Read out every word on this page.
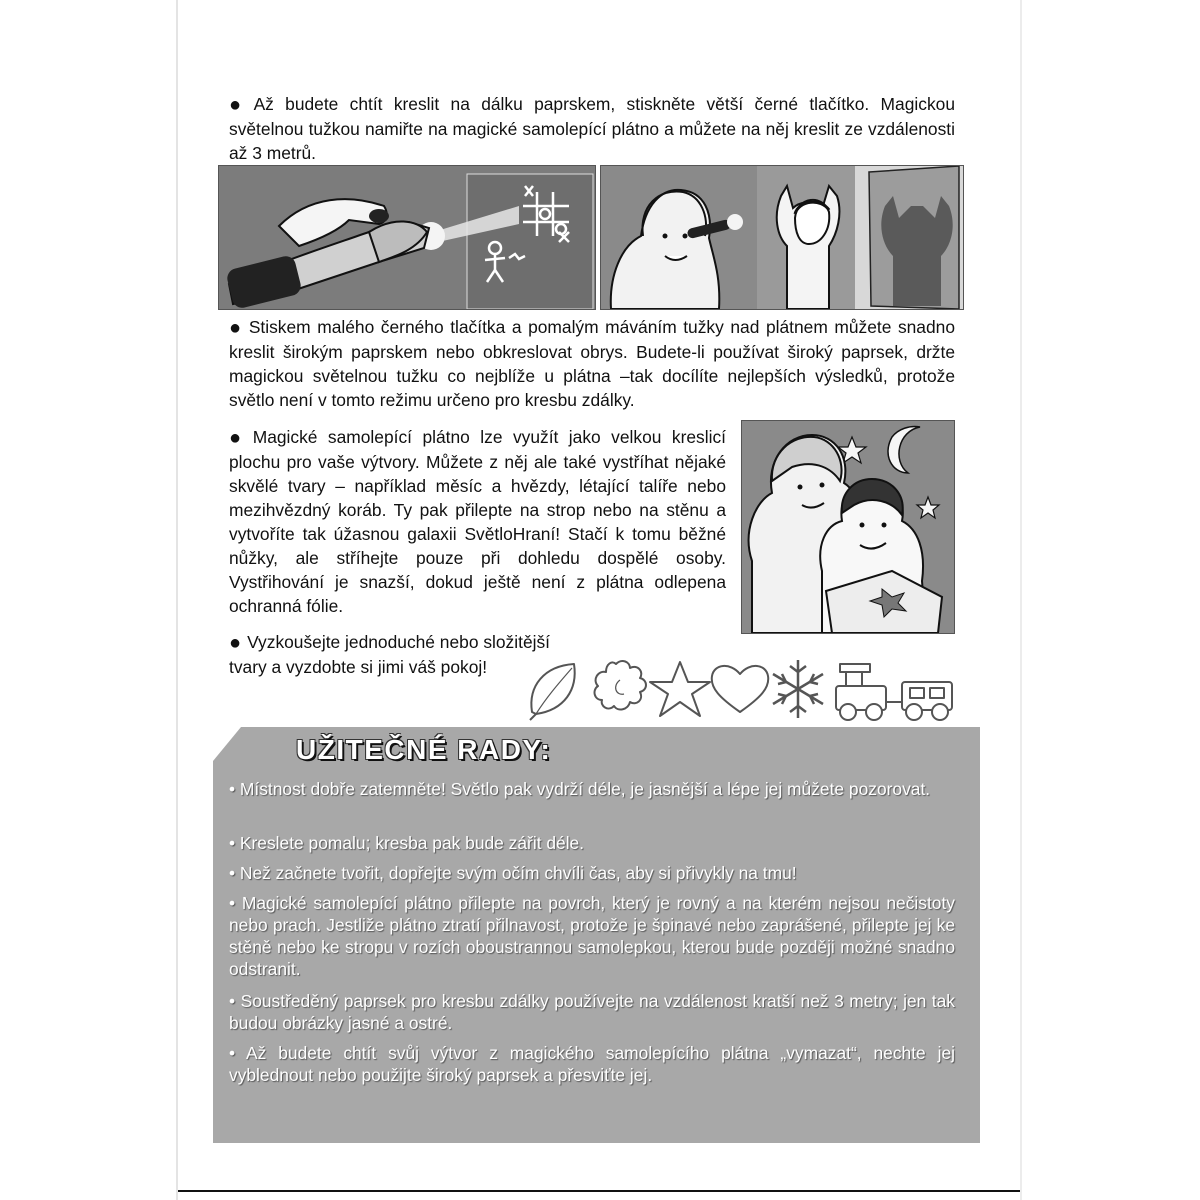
● Až budete chtít kreslit na dálku paprskem, stiskněte větší černé tlačítko. Magickou světelnou tužkou namiřte na magické samolepící plátno a můžete na něj kreslit ze vzdálenosti až 3 metrů.

● Stiskem malého černého tlačítka a pomalým máváním tužky nad plátnem můžete snadno kreslit širokým paprskem nebo obkreslovat obrys. Budete-li používat široký paprsek, držte magickou světelnou tužku co nejblíže u plátna –tak docílíte nejlepších výsledků, protože světlo není v tomto režimu určeno pro kresbu zdálky.

● Magické samolepící plátno lze využít jako velkou kreslicí plochu pro vaše výtvory. Můžete z něj ale také vystříhat nějaké skvělé tvary – například měsíc a hvězdy, létající talíře nebo mezihvězdný koráb. Ty pak přilepte na strop nebo na stěnu a vytvoříte tak úžasnou galaxii SvětloHraní! Stačí k tomu běžné nůžky, ale stříhejte pouze při dohledu dospělé osoby. Vystřihování je snazší, dokud ještě není z plátna odlepena ochranná fólie.

● Vyzkoušejte jednoduché nebo složitější
tvary a vyzdobte si jimi váš pokoj!

UŽITEČNÉ RADY:

• Místnost dobře zatemněte! Světlo pak vydrží déle, je jasnější a lépe jej můžete pozorovat.

• Kreslete pomalu; kresba pak bude zářit déle.

• Než začnete tvořit, dopřejte svým očím chvíli čas, aby si přivykly na tmu!

• Magické samolepící plátno přilepte na povrch, který je rovný a na kterém nejsou nečistoty nebo prach. Jestliže plátno ztratí přilnavost, protože je špinavé nebo zaprášené, přilepte jej ke stěně nebo ke stropu v rozích oboustrannou samolepkou, kterou bude později možné snadno odstranit.

• Soustředěný paprsek pro kresbu zdálky používejte na vzdálenost kratší než 3 metry; jen tak budou obrázky jasné a ostré.

• Až budete chtít svůj výtvor z magického samolepícího plátna „vymazat“, nechte jej vyblednout nebo použijte široký paprsek a přesviťte jej.
